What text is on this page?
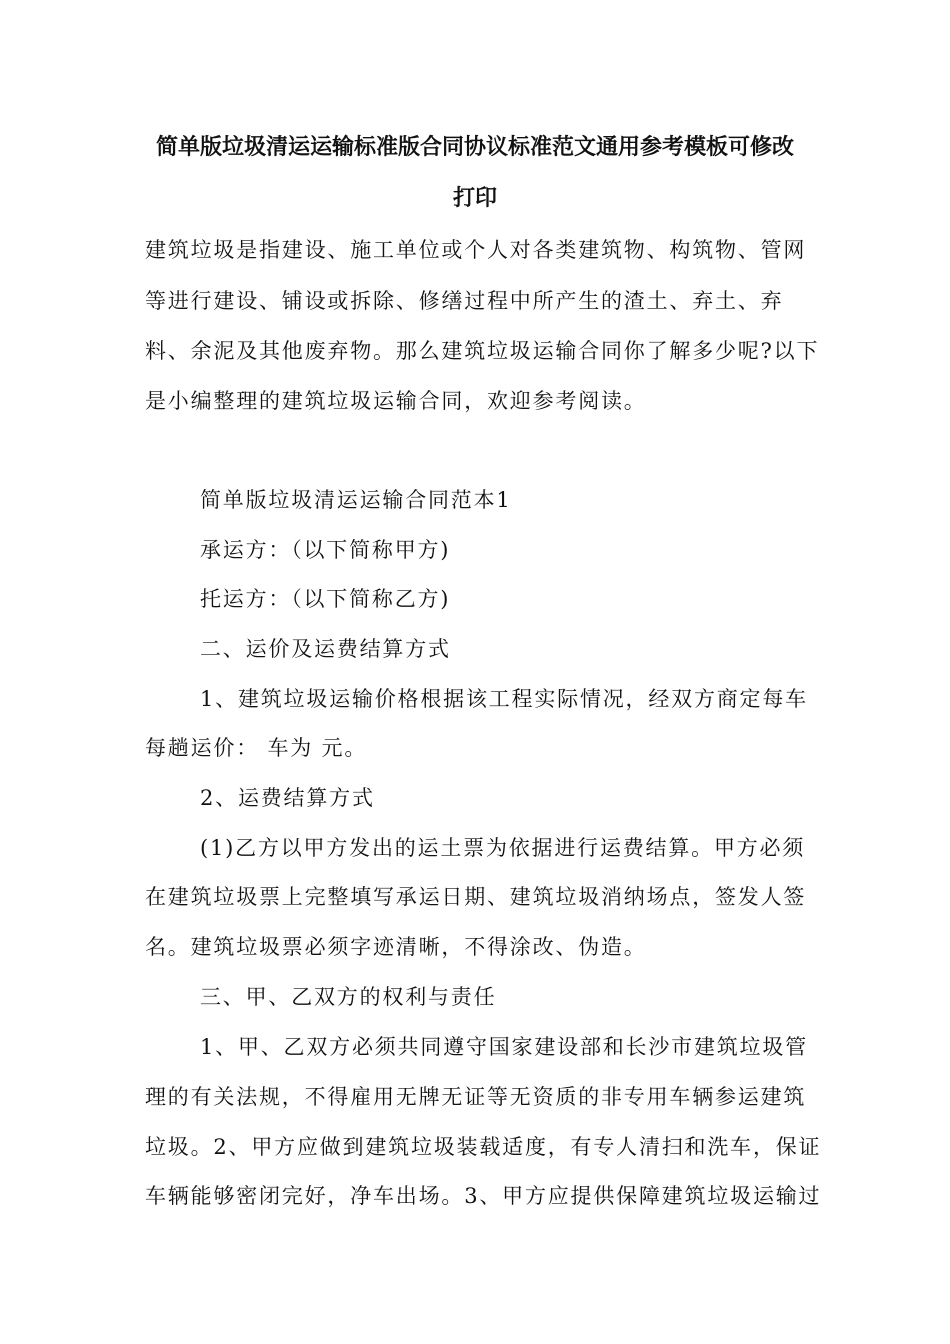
简单版垃圾清运运输标准版合同协议标准范文通用参考模板可修改
打印
建筑垃圾是指建设、施工单位或个人对各类建筑物、构筑物、管网
等进行建设、铺设或拆除、修缮过程中所产生的渣土、弃土、弃
料、余泥及其他废弃物。那么建筑垃圾运输合同你了解多少呢?以下
是小编整理的建筑垃圾运输合同，欢迎参考阅读。
简单版垃圾清运运输合同范本1
承运方：（以下简称甲方)
托运方：（以下简称乙方)
二、运价及运费结算方式
1、建筑垃圾运输价格根据该工程实际情况，经双方商定每车
每趟运价： 车为 元。
2、运费结算方式
(1)乙方以甲方发出的运土票为依据进行运费结算。甲方必须
在建筑垃圾票上完整填写承运日期、建筑垃圾消纳场点，签发人签
名。建筑垃圾票必须字迹清晰，不得涂改、伪造。
三、甲、乙双方的权利与责任
1、甲、乙双方必须共同遵守国家建设部和长沙市建筑垃圾管
理的有关法规，不得雇用无牌无证等无资质的非专用车辆参运建筑
垃圾。2、甲方应做到建筑垃圾装载适度，有专人清扫和洗车，保证
车辆能够密闭完好，净车出场。3、甲方应提供保障建筑垃圾运输过
